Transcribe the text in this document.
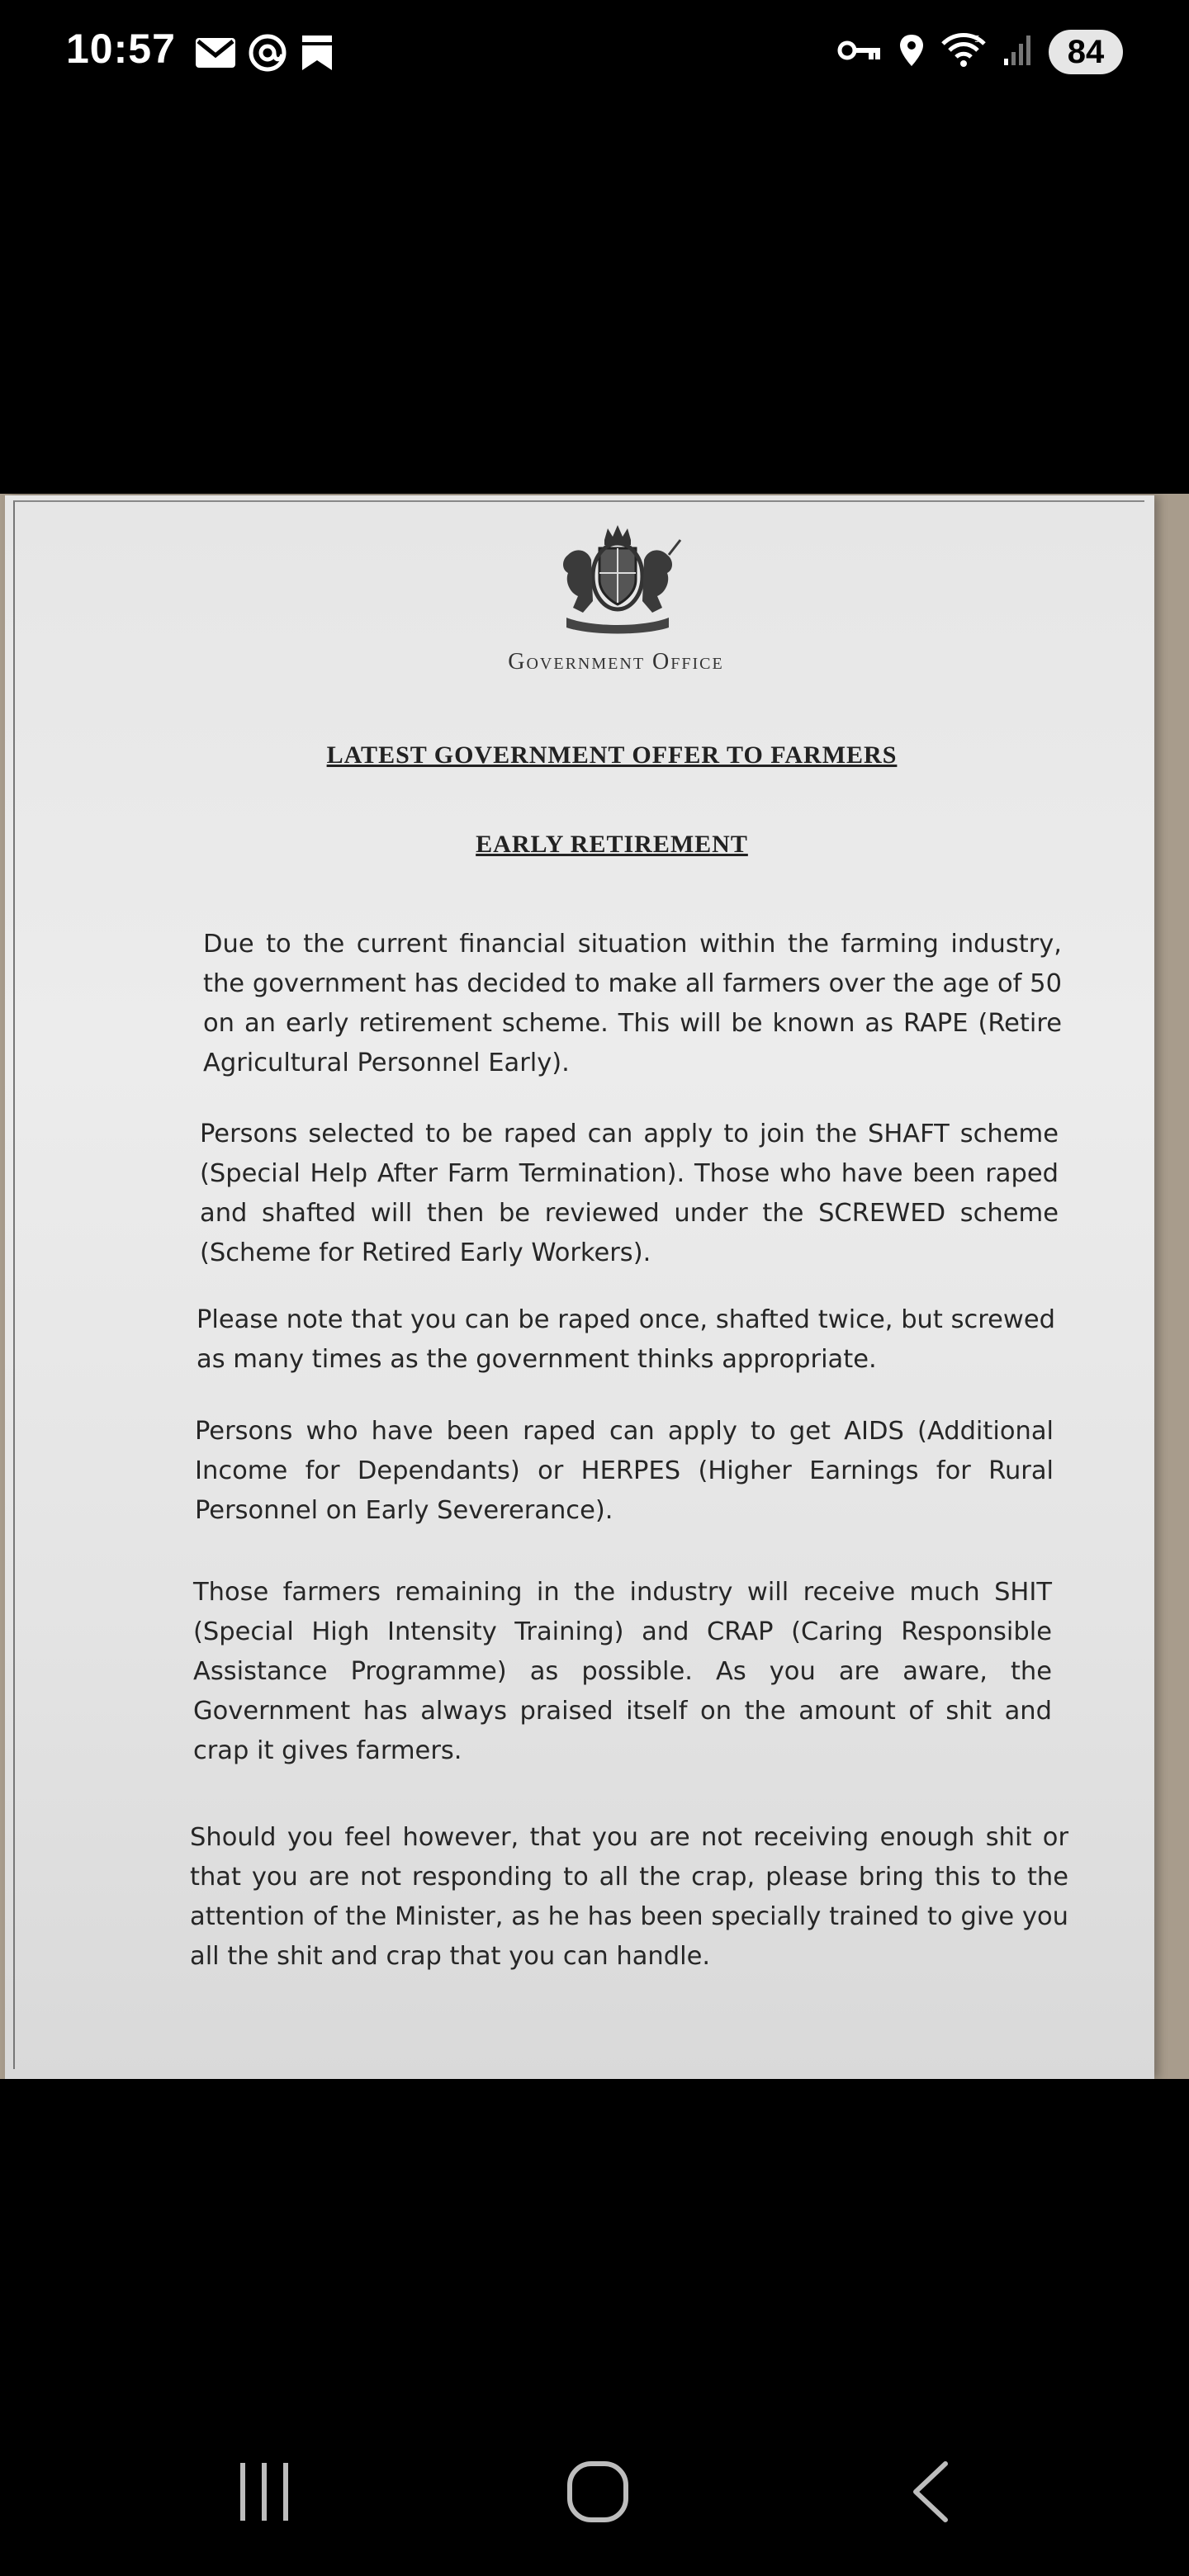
10:57	5	84
Government Office
LATEST GOVERNMENT OFFER TO FARMERS
EARLY RETIREMENT
Due to the current financial situation within the farming industry, the government has decided to make all farmers over the age of 50 on an early retirement scheme. This will be known as RAPE (Retire Agricultural Personnel Early).
Persons selected to be raped can apply to join the SHAFT scheme (Special Help After Farm Termination). Those who have been raped and shafted will then be reviewed under the SCREWED scheme (Scheme for Retired Early Workers).
Please note that you can be raped once, shafted twice, but screwed as many times as the government thinks appropriate.
Persons who have been raped can apply to get AIDS (Additional Income for Dependants) or HERPES (Higher Earnings for Rural Personnel on Early Severerance).
Those farmers remaining in the industry will receive much SHIT (Special High Intensity Training) and CRAP (Caring Responsible Assistance Programme) as possible. As you are aware, the Government has always praised itself on the amount of shit and crap it gives farmers.
Should you feel however, that you are not receiving enough shit or that you are not responding to all the crap, please bring this to the attention of the Minister, as he has been specially trained to give you all the shit and crap that you can handle.
